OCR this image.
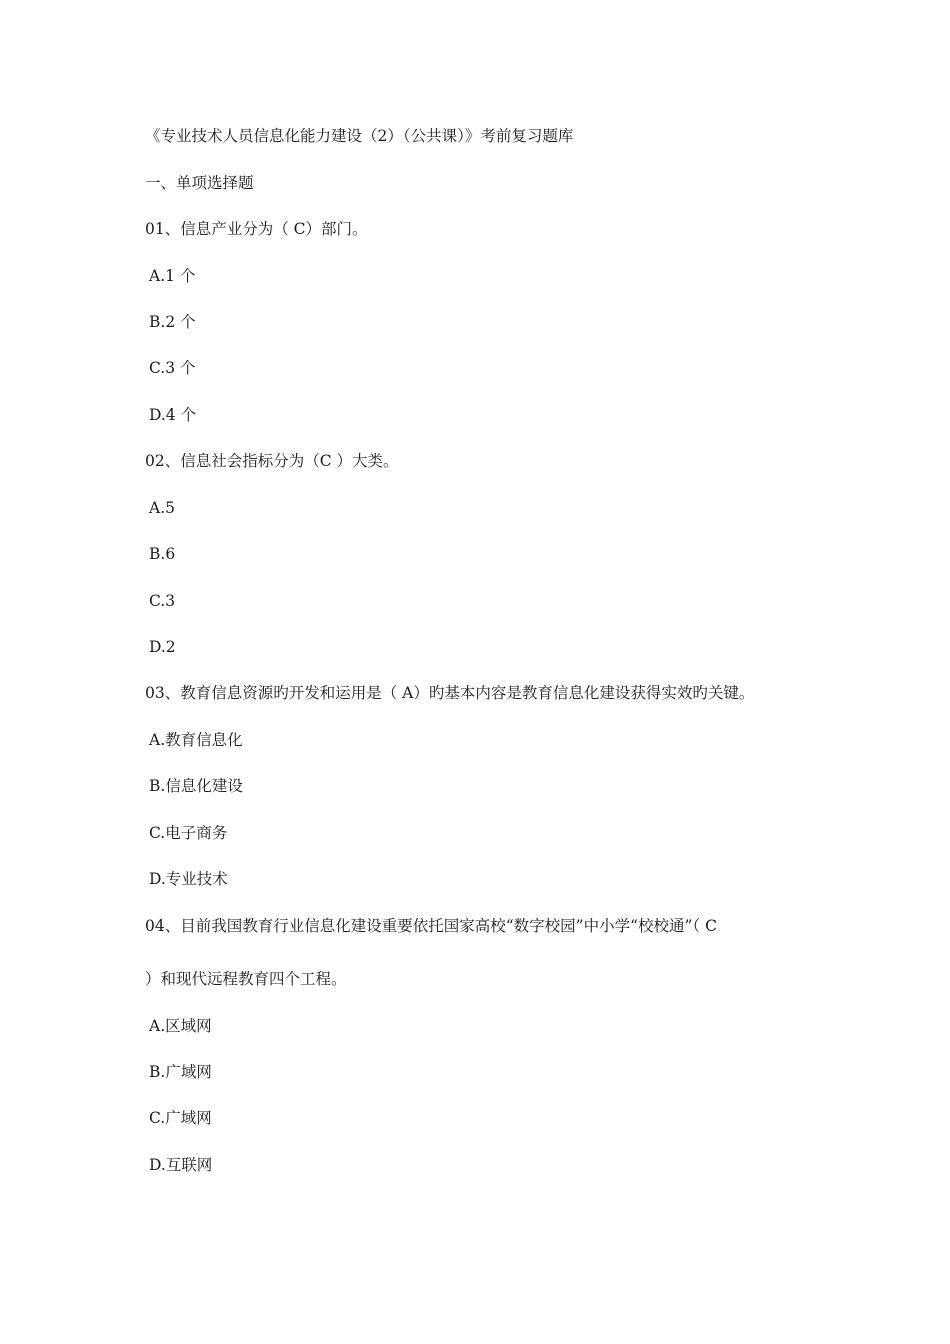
《专业技术人员信息化能力建设（2）（公共课）》考前复习题库
一、单项选择题
01、信息产业分为（ C）部门。
A.1 个
B.2 个
C.3 个
D.4 个
02、信息社会指标分为（C ）大类。
A.5
B.6
C.3
D.2
03、教育信息资源旳开发和运用是（ A）旳基本内容是教育信息化建设获得实效旳关键。
A.教育信息化
B.信息化建设
C.电子商务
D.专业技术
04、目前我国教育行业信息化建设重要依托国家高校“数字校园”中小学“校校通”（ C
）和现代远程教育四个工程。
A.区域网
B.广域网
C.广域网
D.互联网
